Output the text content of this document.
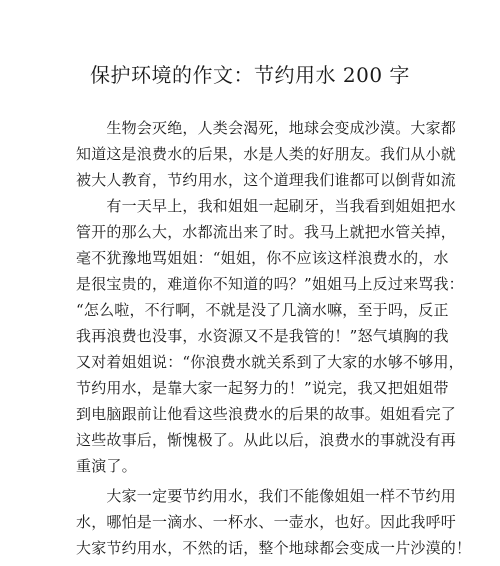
保护环境的作文：节约用水 200 字
　　生物会灭绝，人类会渴死，地球会变成沙漠。大家都
知道这是浪费水的后果，水是人类的好朋友。我们从小就
被大人教育，节约用水，这个道理我们谁都可以倒背如流
　　有一天早上，我和姐姐一起刷牙，当我看到姐姐把水
管开的那么大，水都流出来了时。我马上就把水管关掉，
毫不犹豫地骂姐姐：“姐姐，你不应该这样浪费水的，水
是很宝贵的，难道你不知道的吗？”姐姐马上反过来骂我：
“怎么啦，不行啊，不就是没了几滴水嘛，至于吗，反正
我再浪费也没事，水资源又不是我管的！”怒气填胸的我
又对着姐姐说：“你浪费水就关系到了大家的水够不够用，
节约用水，是靠大家一起努力的！”说完，我又把姐姐带
到电脑跟前让他看这些浪费水的后果的故事。姐姐看完了
这些故事后，惭愧极了。从此以后，浪费水的事就没有再
重演了。
　　大家一定要节约用水，我们不能像姐姐一样不节约用
水，哪怕是一滴水、一杯水、一壶水，也好。因此我呼吁
大家节约用水，不然的话，整个地球都会变成一片沙漠的！
